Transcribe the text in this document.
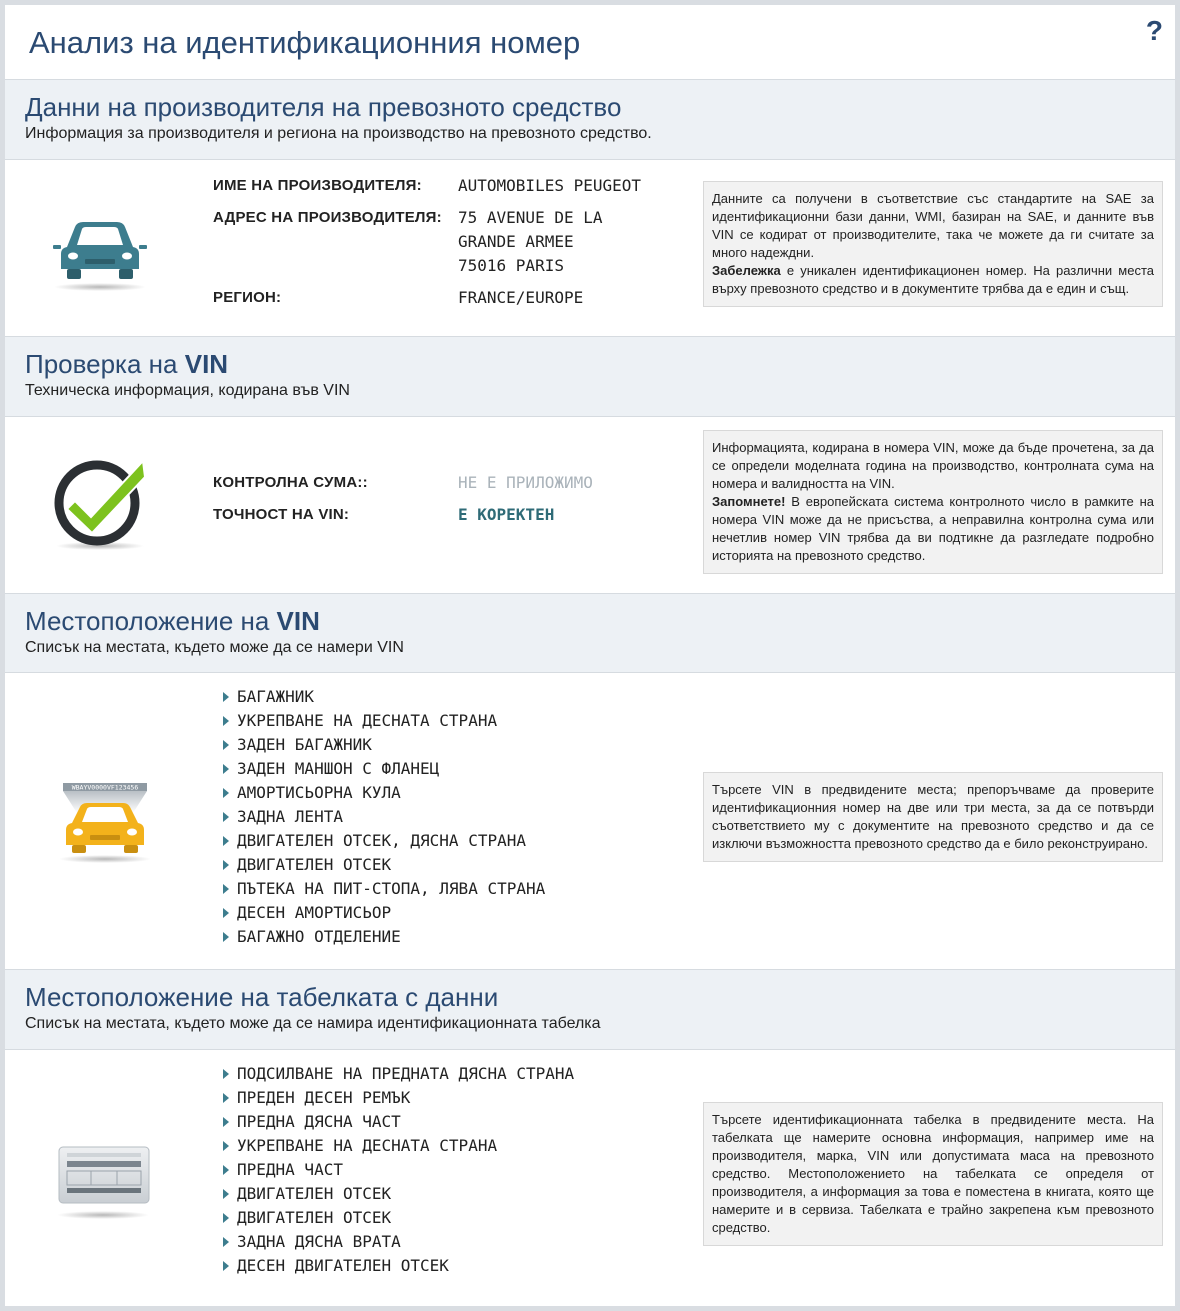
Анализ на идентификационния номер	?
Данни на производителя на превозното средство
Информация за производителя и региона на производство на превозното средство.
ИМЕ НА ПРОИЗВОДИТЕЛЯ: AUTOMOBILES PEUGEOT
АДРЕС НА ПРОИЗВОДИТЕЛЯ: 75 AVENUE DE LA
GRANDE ARMEE
75016 PARIS
РЕГИОН:	FRANCE/EUROPE
Данните са получени в съответствие със стандартите на SAE за идентификационни бази данни, WMI, базиран на SAE, и данните във VIN се кодират от производителите, така че можете да ги считате за много надеждни.
Забележка е уникален идентификационен номер. На различни места върху превозното средство и в документите трябва да е един и същ.
Проверка на VIN
Техническа информация, кодирана във VIN
КОНТРОЛНА СУМА::	НЕ Е ПРИЛОЖИМО
ТОЧНОСТ НА VIN:	Е КОРЕКТЕН
Информацията, кодирана в номера VIN, може да бъде прочетена, за да се определи моделната година на производство, контролната сума на номера и валидността на VIN.
Запомнете! В европейската система контролното число в рамките на номера VIN може да не присъства, а неправилна контролна сума или нечетлив номер VIN трябва да ви подтикне да разгледате подробно историята на превозното средство.
Местоположение на VIN
Списък на местата, където може да се намери VIN
WBAYV0000VF123456
БАГАЖНИК
УКРЕПВАНЕ НА ДЕСНАТА СТРАНА
ЗАДЕН БАГАЖНИК
ЗАДЕН МАНШОН С ФЛАНЕЦ
АМОРТИСЬОРНА КУЛА
ЗАДНА ЛЕНТА
ДВИГАТЕЛЕН ОТСЕК, ДЯСНА СТРАНА
ДВИГАТЕЛЕН ОТСЕК
ПЪТЕКА НА ПИТ-СТОПА, ЛЯВА СТРАНА
ДЕСЕН АМОРТИСЬОР
БАГАЖНО ОТДЕЛЕНИЕ
Търсете VIN в предвидените места; препоръчваме да проверите идентификационния номер на две или три места, за да се потвърди съответствието му с документите на превозното средство и да се изключи възможността превозното средство да е било реконструирано.
Местоположение на табелката с данни
Списък на местата, където може да се намира идентификационната табелка
ПОДСИЛВАНЕ НА ПРЕДНАТА ДЯСНА СТРАНА
ПРЕДЕН ДЕСЕН РЕМЪК
ПРЕДНА ДЯСНА ЧАСТ
УКРЕПВАНЕ НА ДЕСНАТА СТРАНА
ПРЕДНА ЧАСТ
ДВИГАТЕЛЕН ОТСЕК
ДВИГАТЕЛЕН ОТСЕК
ЗАДНА ДЯСНА ВРАТА
ДЕСЕН ДВИГАТЕЛЕН ОТСЕК
Търсете идентификационната табелка в предвидените места. На табелката ще намерите основна информация, например име на производителя, марка, VIN или допустимата маса на превозното средство. Местоположението на табелката се определя от производителя, а информация за това е поместена в книгата, която ще намерите и в сервиза. Табелката е трайно закрепена към превозното средство.
